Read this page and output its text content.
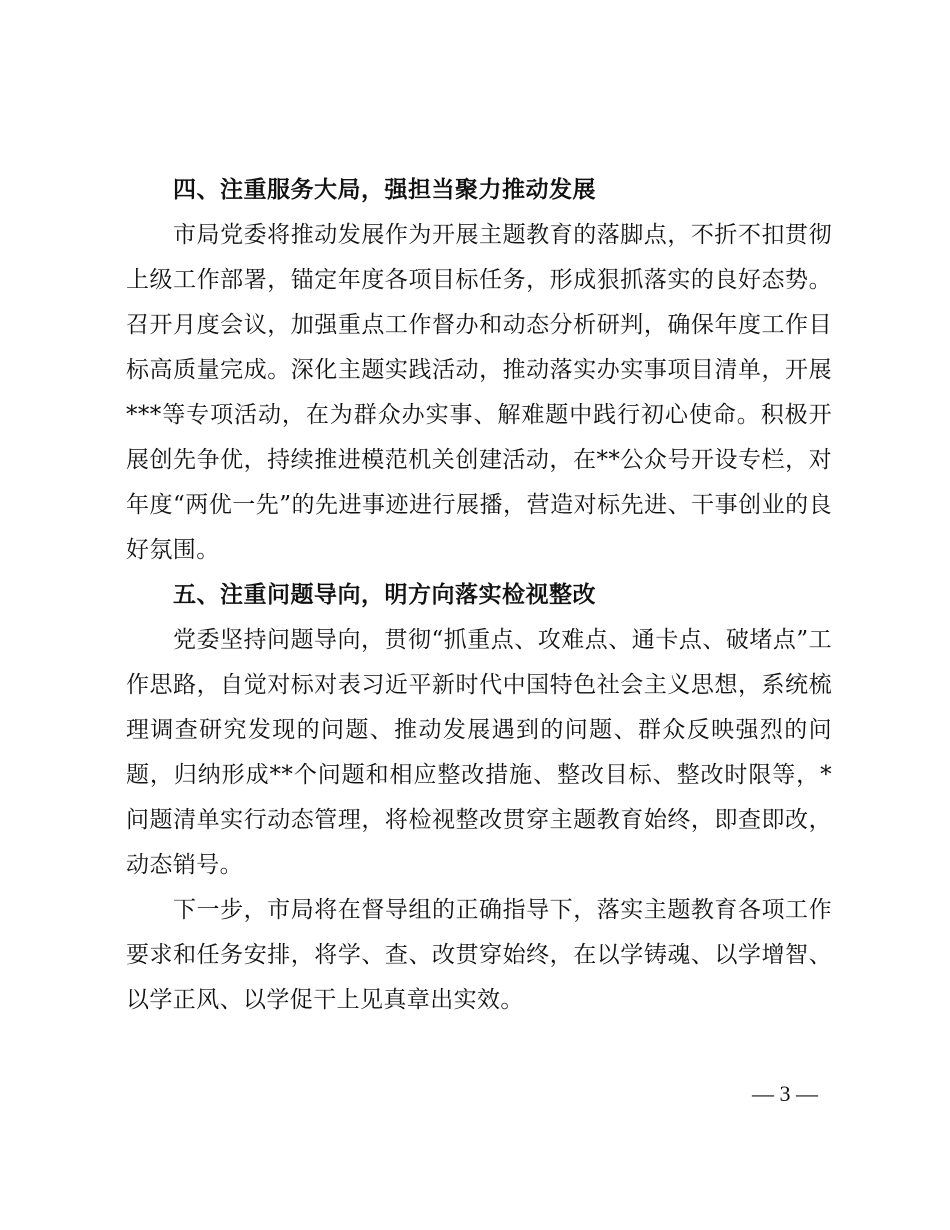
四、注重服务大局，强担当聚力推动发展

市局党委将推动发展作为开展主题教育的落脚点，不折不扣贯彻上级工作部署，锚定年度各项目标任务，形成狠抓落实的良好态势。召开月度会议，加强重点工作督办和动态分析研判，确保年度工作目标高质量完成。深化主题实践活动，推动落实办实事项目清单，开展***等专项活动，在为群众办实事、解难题中践行初心使命。积极开展创先争优，持续推进模范机关创建活动，在**公众号开设专栏，对年度“两优一先”的先进事迹进行展播，营造对标先进、干事创业的良好氛围。

五、注重问题导向，明方向落实检视整改

党委坚持问题导向，贯彻“抓重点、攻难点、通卡点、破堵点”工作思路，自觉对标对表习近平新时代中国特色社会主义思想，系统梳理调查研究发现的问题、推动发展遇到的问题、群众反映强烈的问题，归纳形成**个问题和相应整改措施、整改目标、整改时限等，*问题清单实行动态管理，将检视整改贯穿主题教育始终，即查即改，动态销号。

下一步，市局将在督导组的正确指导下，落实主题教育各项工作要求和任务安排，将学、查、改贯穿始终，在以学铸魂、以学增智、以学正风、以学促干上见真章出实效。

— 3 —
